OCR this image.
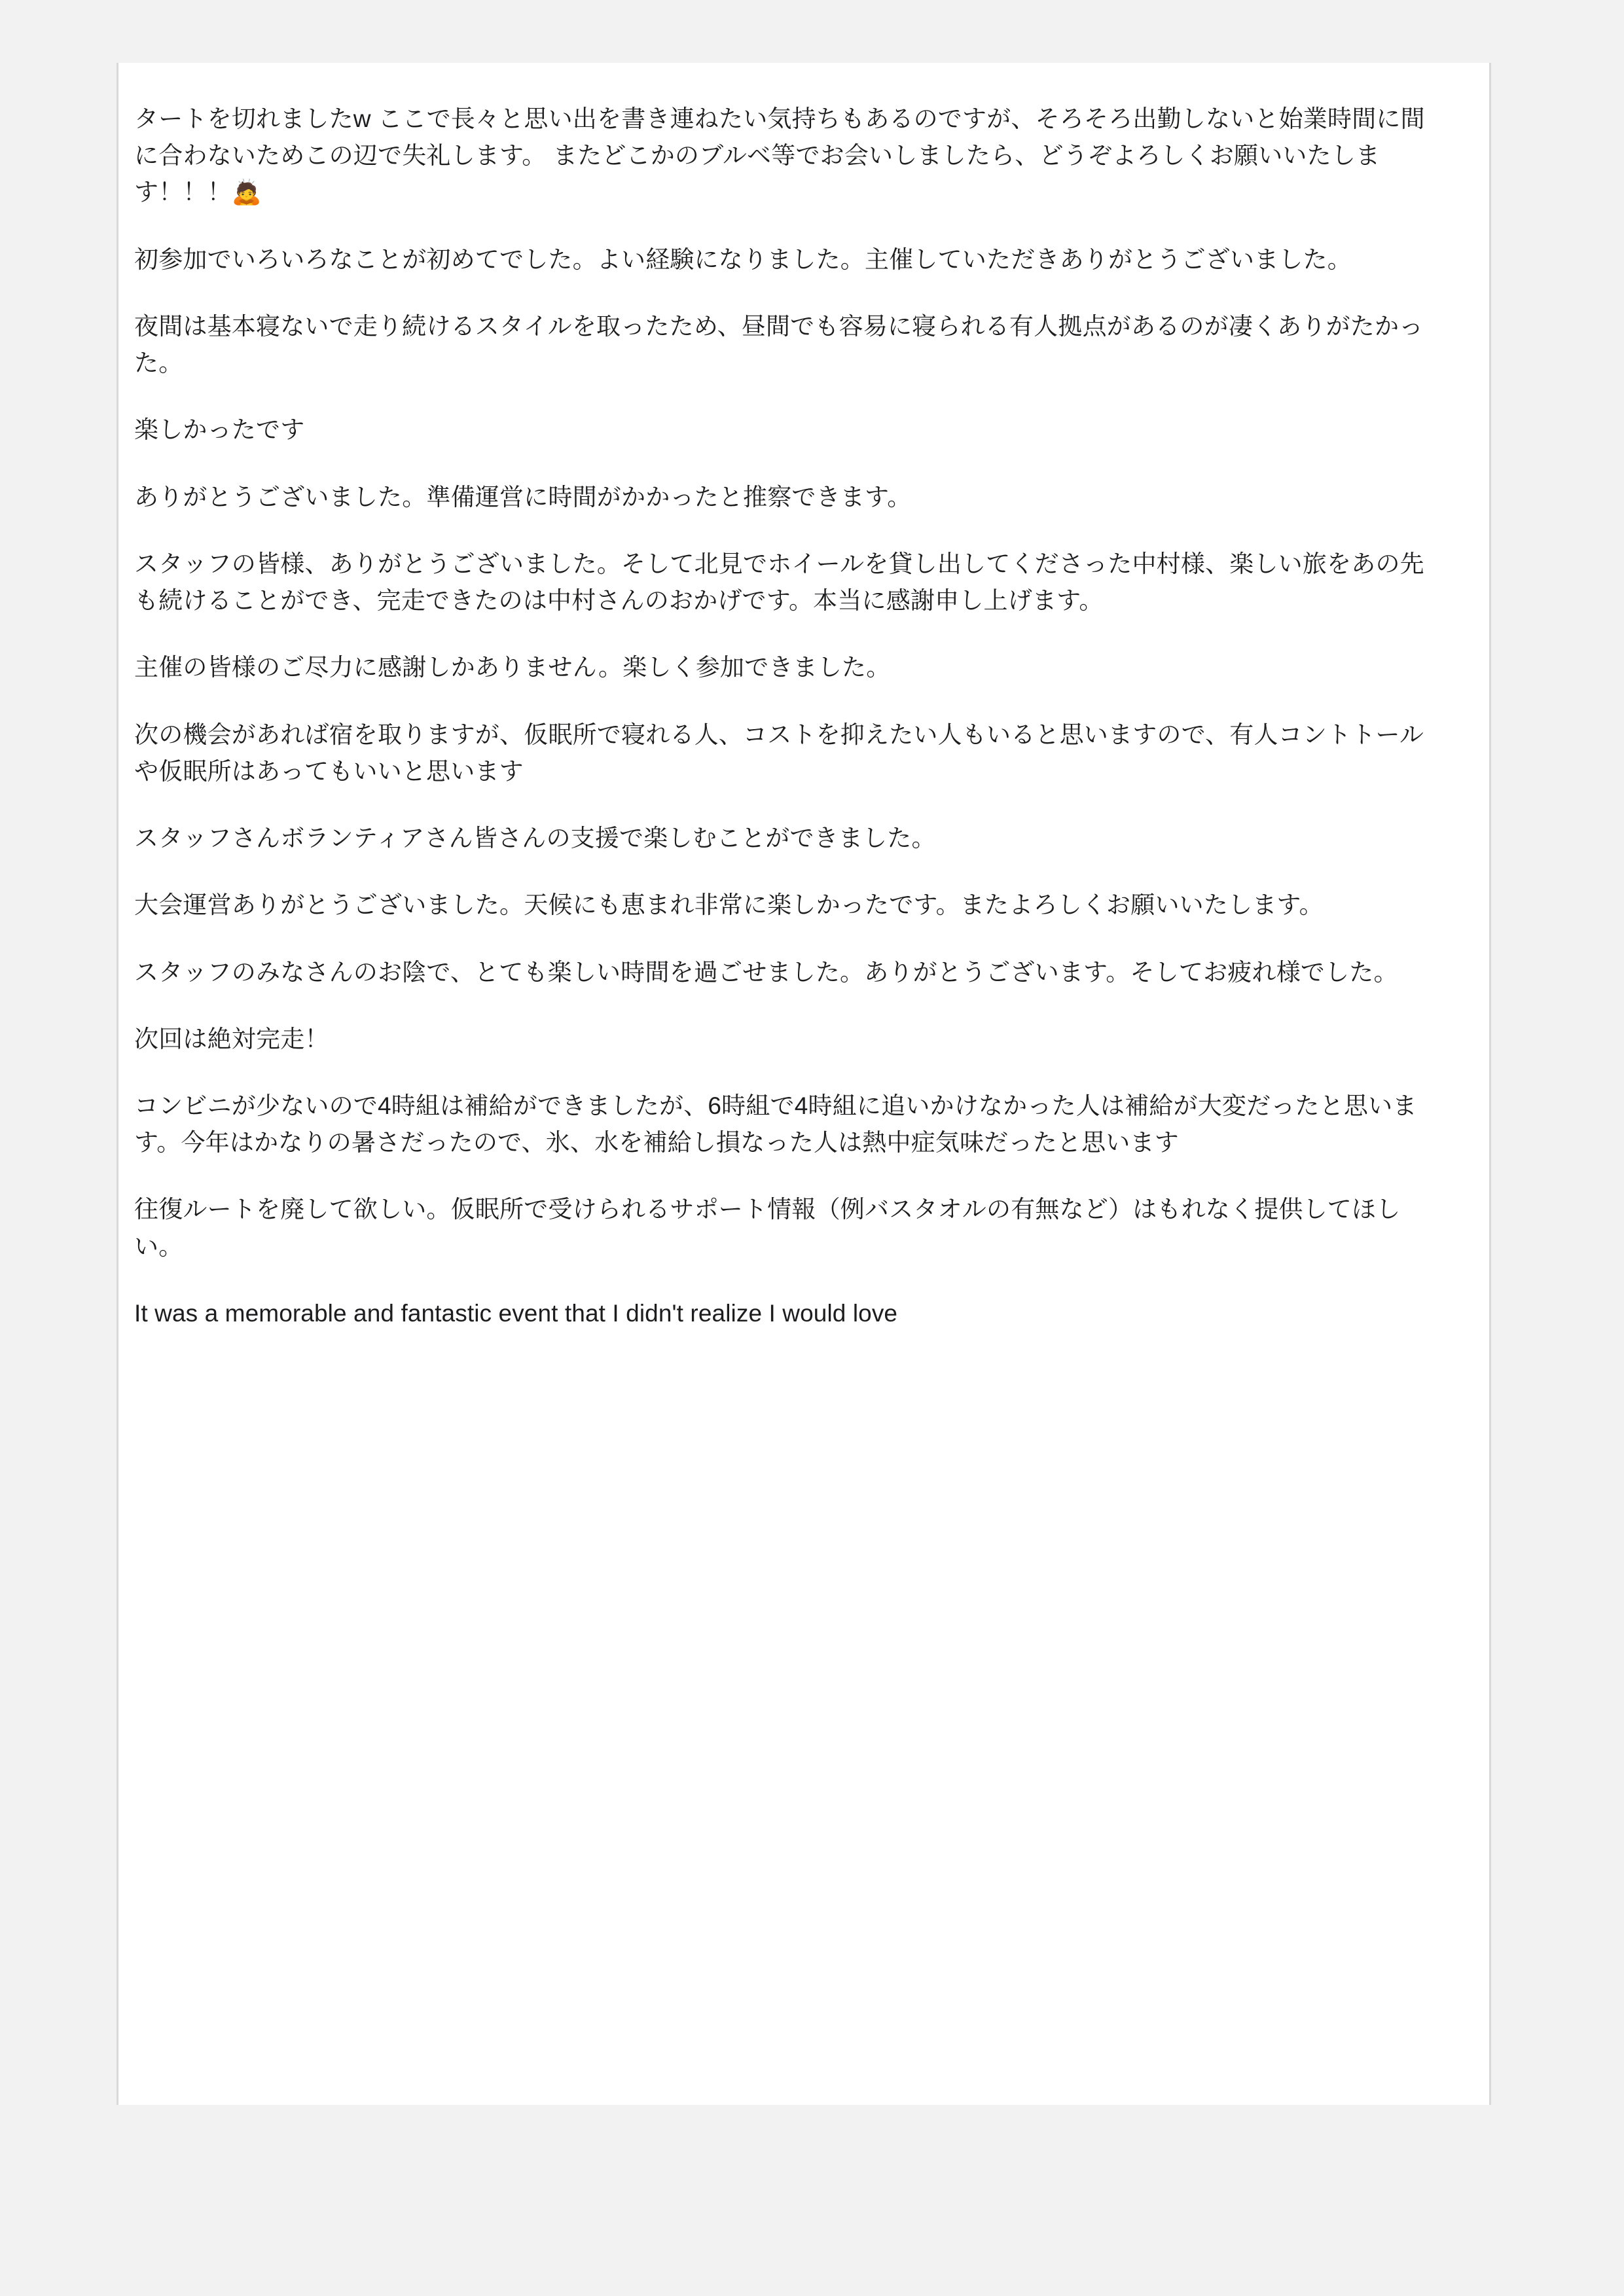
タートを切れましたw ここで長々と思い出を書き連ねたい気持ちもあるのですが、そろそろ出勤しないと始業時間に間に合わないためこの辺で失礼します。 またどこかのブルベ等でお会いしましたら、どうぞよろしくお願いいたします！！！🙇

初参加でいろいろなことが初めてでした。よい経験になりました。主催していただきありがとうございました。

夜間は基本寝ないで走り続けるスタイルを取ったため、昼間でも容易に寝られる有人拠点があるのが凄くありがたかった。

楽しかったです

ありがとうございました。準備運営に時間がかかったと推察できます。

スタッフの皆様、ありがとうございました。そして北見でホイールを貸し出してくださった中村様、楽しい旅をあの先も続けることができ、完走できたのは中村さんのおかげです。本当に感謝申し上げます。

主催の皆様のご尽力に感謝しかありません。楽しく参加できました。

次の機会があれば宿を取りますが、仮眠所で寝れる人、コストを抑えたい人もいると思いますので、有人コントトールや仮眠所はあってもいいと思います

スタッフさんボランティアさん皆さんの支援で楽しむことができました。

大会運営ありがとうございました。天候にも恵まれ非常に楽しかったです。またよろしくお願いいたします。

スタッフのみなさんのお陰で、とても楽しい時間を過ごせました。ありがとうございます。そしてお疲れ様でした。

次回は絶対完走！

コンビニが少ないので4時組は補給ができましたが、6時組で4時組に追いかけなかった人は補給が大変だったと思います。今年はかなりの暑さだったので、氷、水を補給し損なった人は熱中症気味だったと思います

往復ルートを廃して欲しい。仮眠所で受けられるサポート情報（例バスタオルの有無など）はもれなく提供してほしい。

It was a memorable and fantastic event that I didn't realize I would love
